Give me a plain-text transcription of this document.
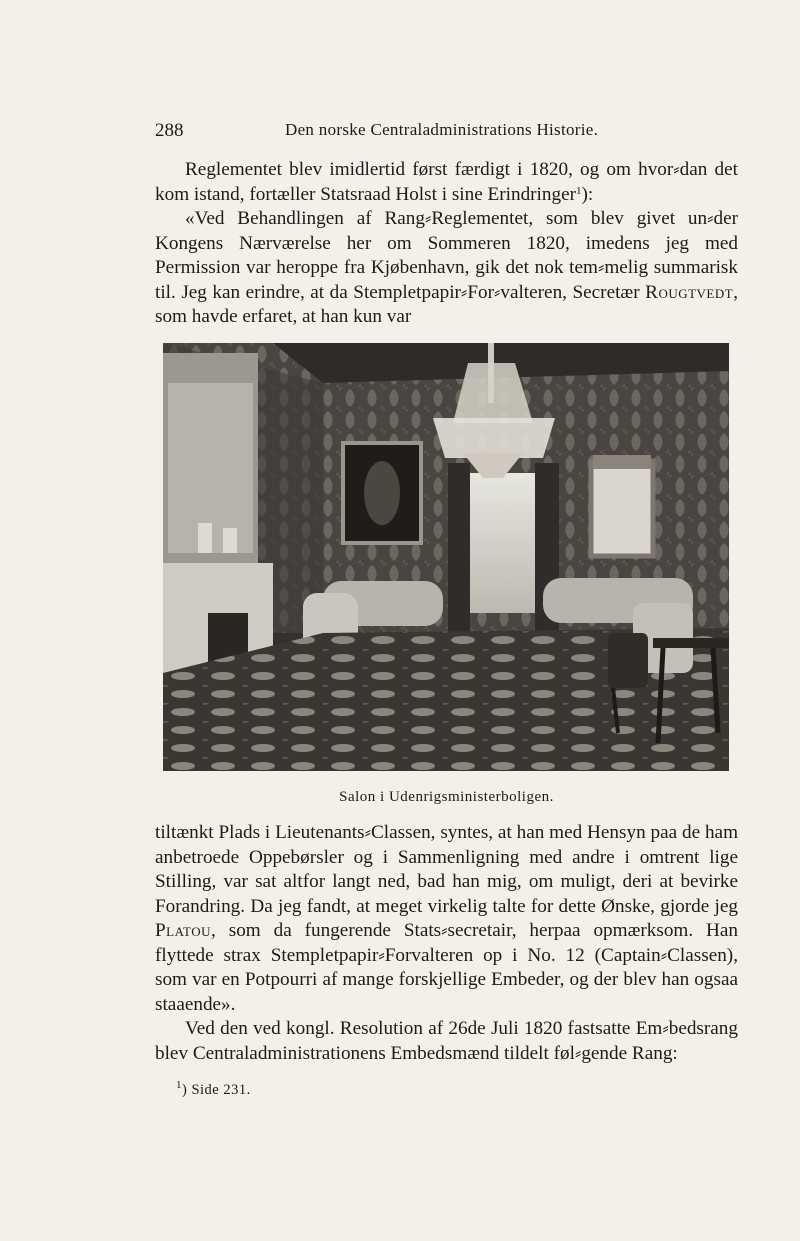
288	Den norske Centraladministrations Historie.

Reglementet blev imidlertid først færdigt i 1820, og om hvor⸗dan det kom istand, fortæller Statsraad Holst i sine Erindringer$^1$):

«Ved Behandlingen af Rang⸗Reglementet, som blev givet un⸗der Kongens Nærværelse her om Sommeren 1820, imedens jeg med Permission var heroppe fra Kjøbenhavn, gik det nok tem⸗melig summarisk til. Jeg kan erindre, at da Stempletpapir⸗For⸗valteren, Secretær Rougtvedt, som havde erfaret, at han kun var

Salon i Udenrigsministerboligen.

tiltænkt Plads i Lieutenants⸗Classen, syntes, at han med Hensyn paa de ham anbetroede Oppebørsler og i Sammenligning med andre i omtrent lige Stilling, var sat altfor langt ned, bad han mig, om muligt, deri at bevirke Forandring. Da jeg fandt, at meget virkelig talte for dette Ønske, gjorde jeg Platou, som da fungerende Stats⸗secretair, herpaa opmærksom. Han flyttede strax Stempletpapir⸗Forvalteren op i No. 12 (Captain⸗Classen), som var en Potpourri af mange forskjellige Embeder, og der blev han ogsaa staaende».

Ved den ved kongl. Resolution af 26de Juli 1820 fastsatte Em⸗bedsrang blev Centraladministrationens Embedsmænd tildelt føl⸗gende Rang:

$^1$) Side 231.
